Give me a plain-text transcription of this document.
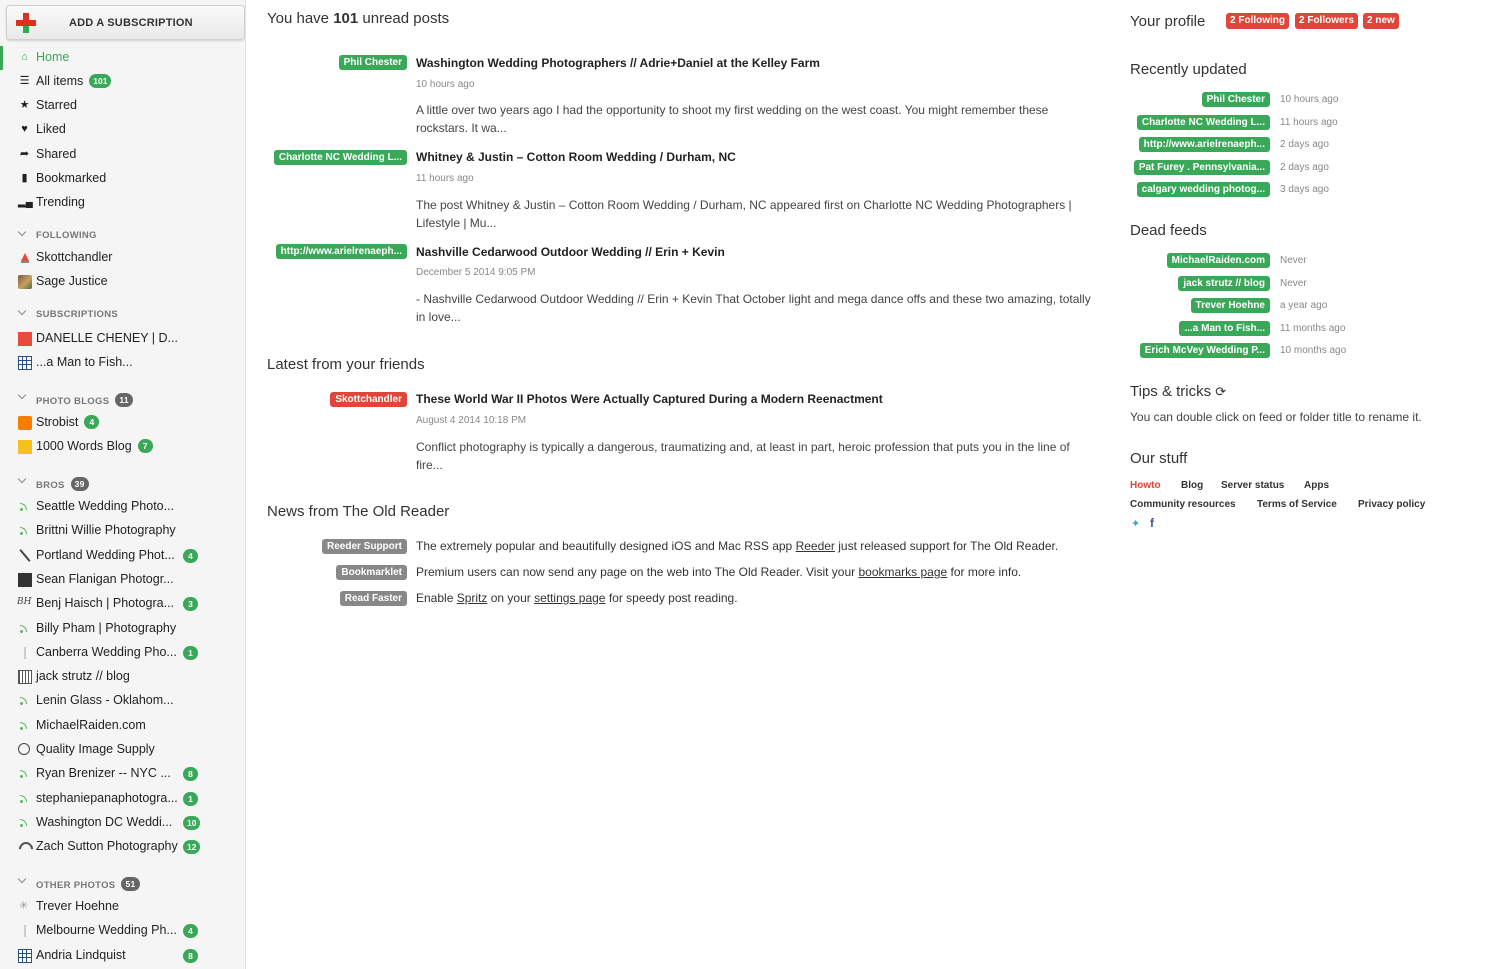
ADD A SUBSCRIPTION
⌂ Home
☰ All items 101
★ Starred
♥ Liked
➦ Shared
▮ Bookmarked
▂▄ Trending
FOLLOWING
Skottchandler
Sage Justice
SUBSCRIPTIONS
DANELLE CHENEY | D...
...a Man to Fish...
PHOTO BLOGS 11
Strobist 4
1000 Words Blog 7
BROS 39
Seattle Wedding Photo...
Brittni Willie Photography
Portland Wedding Phot...	4
Sean Flanigan Photogr...
BH
Benj Haisch | Photogra...	3
Billy Pham | Photography
Canberra Wedding Pho...	1
jack strutz // blog
Lenin Glass - Oklahom...
MichaelRaiden.com
Quality Image Supply
Ryan Brenizer -- NYC ...	8
stephaniepanaphotogra...	1
Washington DC Weddi...	10
Zach Sutton Photography	12
OTHER PHOTOS 51
✳
Trever Hoehne
Melbourne Wedding Ph...	4
Andria Lindquist	8
You have 101 unread posts
Phil Chester	Washington Wedding Photographers // Adrie+Daniel at the Kelley Farm
10 hours ago
A little over two years ago I had the opportunity to shoot my first wedding on the west coast. You might remember these rockstars. It wa...
Charlotte NC Wedding L...	Whitney & Justin – Cotton Room Wedding / Durham, NC
11 hours ago
The post Whitney & Justin – Cotton Room Wedding / Durham, NC appeared first on Charlotte NC Wedding Photographers | Lifestyle | Mu...
http://www.arielrenaeph...	Nashville Cedarwood Outdoor Wedding // Erin + Kevin
December 5 2014 9:05 PM
- Nashville Cedarwood Outdoor Wedding // Erin + Kevin That October light and mega dance offs and these two amazing, totally in love...
Latest from your friends
Skottchandler	These World War II Photos Were Actually Captured During a Modern Reenactment
August 4 2014 10:18 PM
Conflict photography is typically a dangerous, traumatizing and, at least in part, heroic profession that puts you in the line of fire...
News from The Old Reader
Reeder Support	The extremely popular and beautifully designed iOS and Mac RSS app Reeder just released support for The Old Reader.
Bookmarklet	Premium users can now send any page on the web into The Old Reader. Visit your bookmarks page for more info.
Read Faster	Enable Spritz on your settings page for speedy post reading.
Your profile	2 Following	2 Followers	2 new
Recently updated
Phil Chester	10 hours ago
Charlotte NC Wedding L...	11 hours ago
http://www.arielrenaeph...	2 days ago
Pat Furey . Pennsylvania...	2 days ago
calgary wedding photog...	3 days ago
Dead feeds
MichaelRaiden.com	Never
jack strutz // blog	Never
Trever Hoehne	a year ago
...a Man to Fish...	11 months ago
Erich McVey Wedding P...	10 months ago
Tips & tricks ⟳
You can double click on feed or folder title to rename it.
Our stuff
Howto Blog Server status Apps
Community resources Terms of Service Privacy policy
✦ f
